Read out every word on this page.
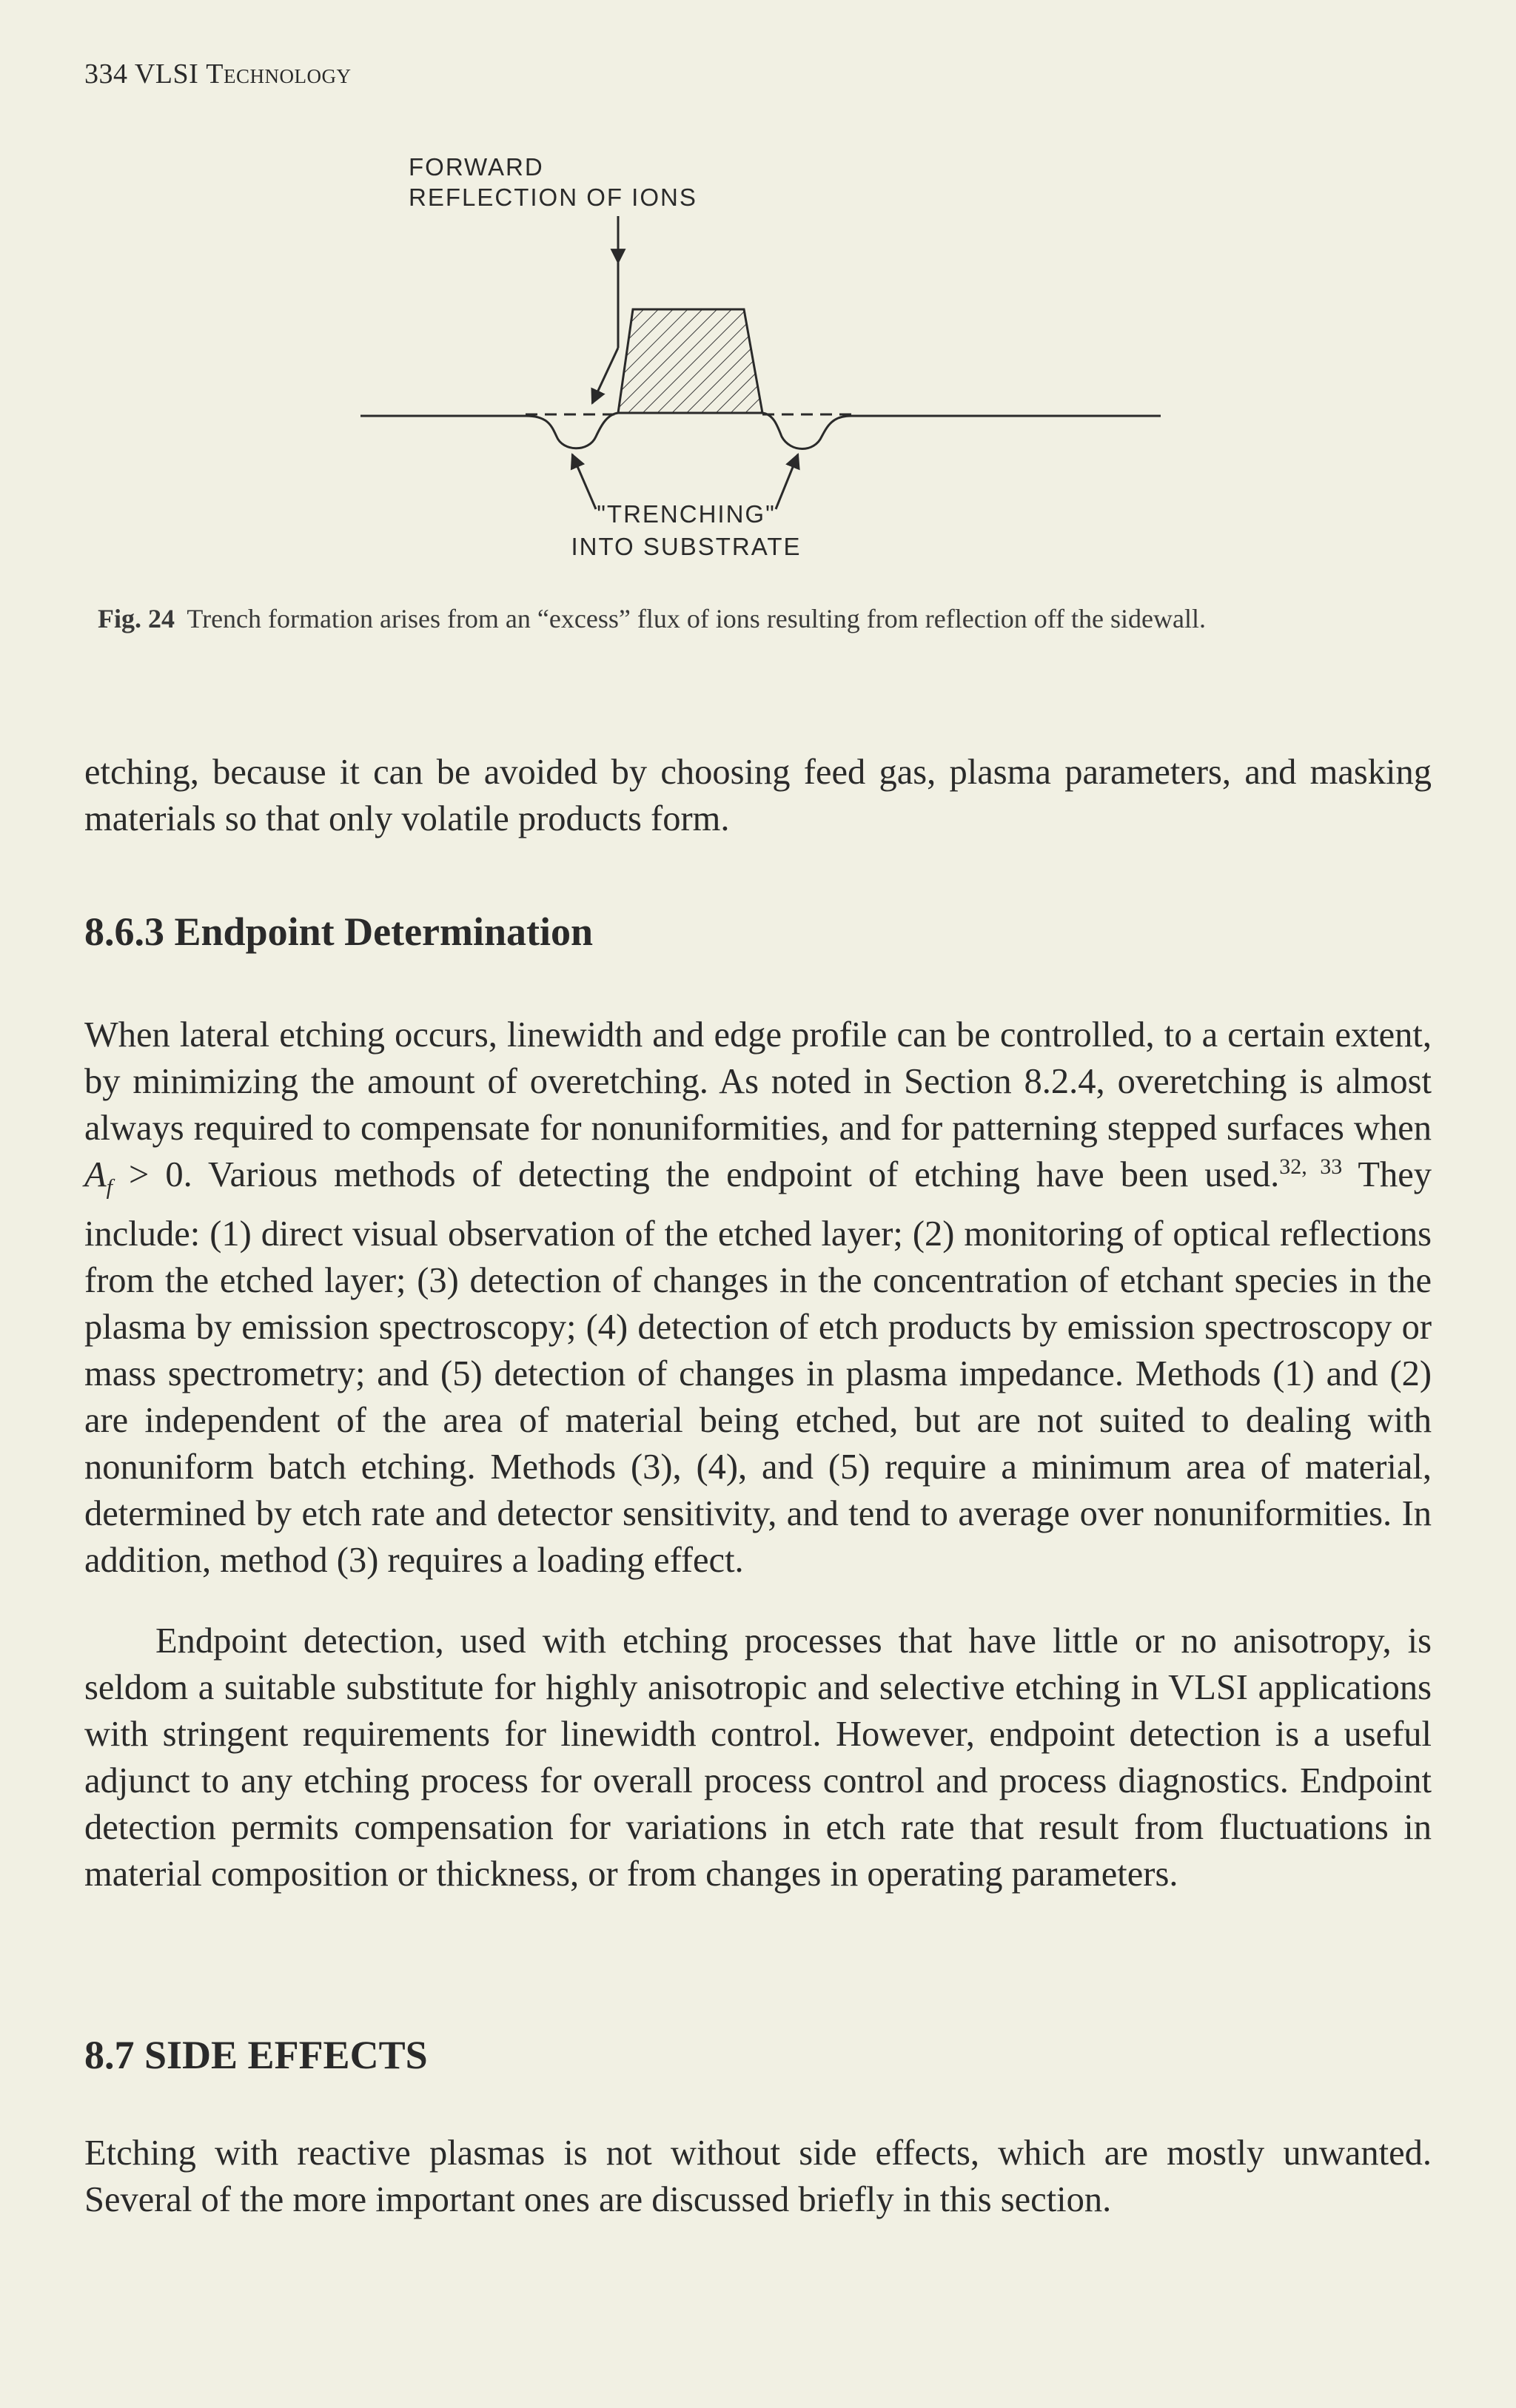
334 VLSI Technology
FORWARD
REFLECTION OF IONS
"TRENCHING"
INTO SUBSTRATE
Fig. 24 Trench formation arises from an “excess” flux of ions resulting from reflection off the sidewall.

etching, because it can be avoided by choosing feed gas, plasma parameters, and masking materials so that only volatile products form.

8.6.3 Endpoint Determination

When lateral etching occurs, linewidth and edge profile can be controlled, to a certain extent, by minimizing the amount of overetching. As noted in Section 8.2.4, overetching is almost always required to compensate for nonuniformities, and for patterning stepped surfaces when $A_f > 0$. Various methods of detecting the endpoint of etching have been used.$^{32, 33}$ They include: (1) direct visual observation of the etched layer; (2) monitoring of optical reflections from the etched layer; (3) detection of changes in the concentration of etchant species in the plasma by emission spectroscopy; (4) detection of etch products by emission spectroscopy or mass spectrometry; and (5) detection of changes in plasma impedance. Methods (1) and (2) are independent of the area of material being etched, but are not suited to dealing with nonuniform batch etching. Methods (3), (4), and (5) require a minimum area of material, determined by etch rate and detector sensitivity, and tend to average over nonuniformities. In addition, method (3) requires a loading effect.

Endpoint detection, used with etching processes that have little or no anisotropy, is seldom a suitable substitute for highly anisotropic and selective etching in VLSI applications with stringent requirements for linewidth control. However, endpoint detection is a useful adjunct to any etching process for overall process control and process diagnostics. Endpoint detection permits compensation for variations in etch rate that result from fluctuations in material composition or thickness, or from changes in operating parameters.

8.7 SIDE EFFECTS

Etching with reactive plasmas is not without side effects, which are mostly unwanted. Several of the more important ones are discussed briefly in this section.
